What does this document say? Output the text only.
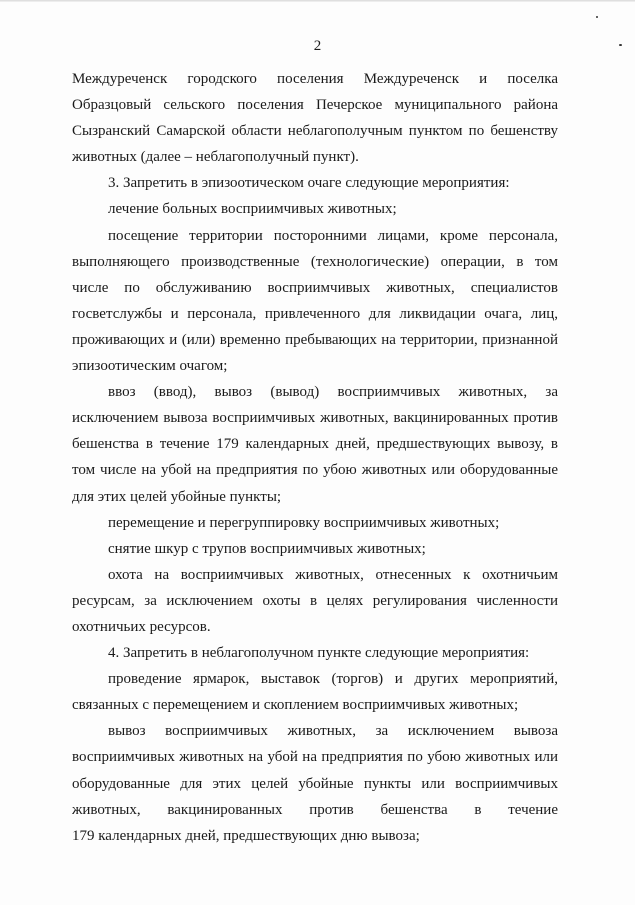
2
Междуреченск городского поселения Междуреченск и поселка
Образцовый сельского поселения Печерское муниципального района
Сызранский Самарской области неблагополучным пунктом по бешенству
животных (далее – неблагополучный пункт).
3. Запретить в эпизоотическом очаге следующие мероприятия:
лечение больных восприимчивых животных;
посещение территории посторонними лицами, кроме персонала,
выполняющего производственные (технологические) операции, в том
числе по обслуживанию восприимчивых животных, специалистов
госветслужбы и персонала, привлеченного для ликвидации очага, лиц,
проживающих и (или) временно пребывающих на территории, признанной
эпизоотическим очагом;
ввоз (ввод), вывоз (вывод) восприимчивых животных, за
исключением вывоза восприимчивых животных, вакцинированных против
бешенства в течение 179 календарных дней, предшествующих вывозу, в
том числе на убой на предприятия по убою животных или оборудованные
для этих целей убойные пункты;
перемещение и перегруппировку восприимчивых животных;
снятие шкур с трупов восприимчивых животных;
охота на восприимчивых животных, отнесенных к охотничьим
ресурсам, за исключением охоты в целях регулирования численности
охотничьих ресурсов.
4. Запретить в неблагополучном пункте следующие мероприятия:
проведение ярмарок, выставок (торгов) и других мероприятий,
связанных с перемещением и скоплением восприимчивых животных;
вывоз восприимчивых животных, за исключением вывоза
восприимчивых животных на убой на предприятия по убою животных или
оборудованные для этих целей убойные пункты или восприимчивых
животных, вакцинированных против бешенства в течение
179 календарных дней, предшествующих дню вывоза;
